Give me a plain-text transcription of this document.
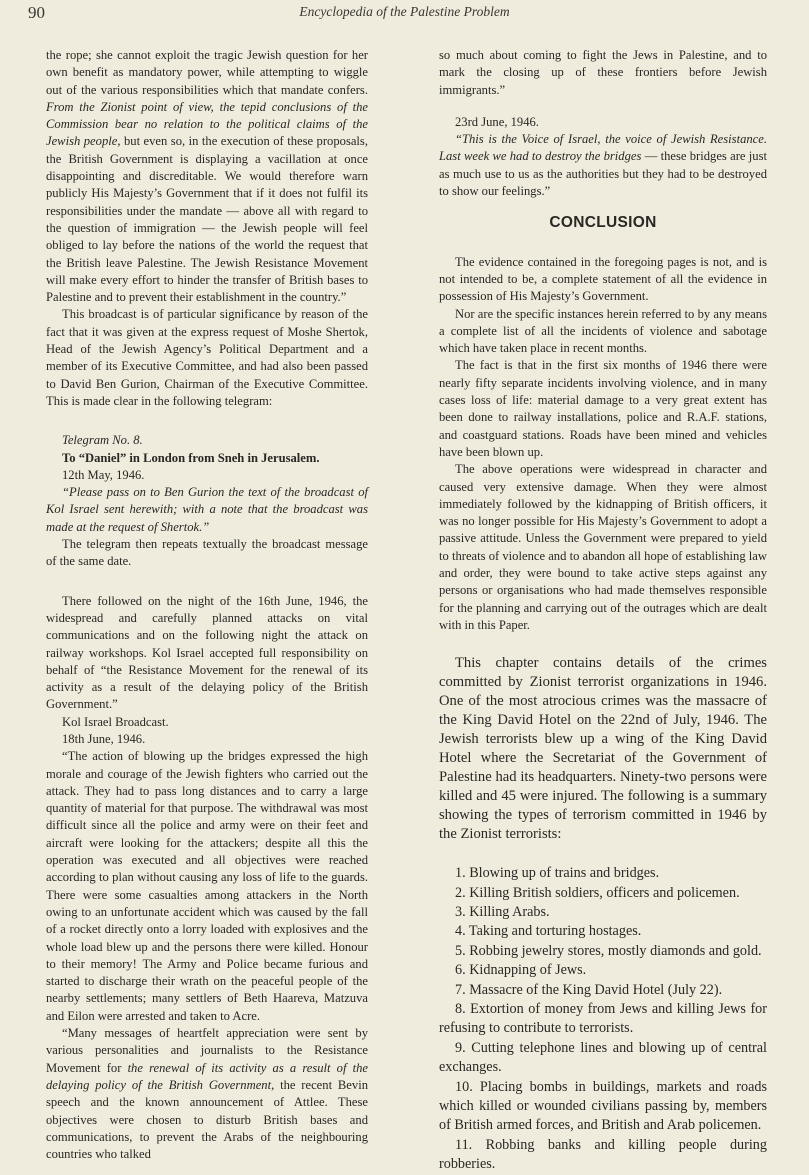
90	Encyclopedia of the Palestine Problem

the rope; she cannot exploit the tragic Jewish question for her own benefit as mandatory power, while attempting to wiggle out of the various responsibilities which that mandate confers. From the Zionist point of view, the tepid conclusions of the Commission bear no relation to the political claims of the Jewish people, but even so, in the execution of these proposals, the British Government is displaying a vacillation at once disappointing and discreditable. We would therefore warn publicly His Majesty’s Government that if it does not fulfil its responsibilities under the mandate — above all with regard to the question of immigration — the Jewish people will feel obliged to lay before the nations of the world the request that the British leave Palestine. The Jewish Resistance Movement will make every effort to hinder the transfer of British bases to Palestine and to prevent their establishment in the country.”

This broadcast is of particular significance by reason of the fact that it was given at the express request of Moshe Shertok, Head of the Jewish Agency’s Political Department and a member of its Executive Committee, and had also been passed to David Ben Gurion, Chairman of the Executive Committee. This is made clear in the following telegram:

Telegram No. 8.

To “Daniel” in London from Sneh in Jerusalem.

12th May, 1946.

“Please pass on to Ben Gurion the text of the broadcast of Kol Israel sent herewith; with a note that the broadcast was made at the request of Shertok.”

The telegram then repeats textually the broadcast message of the same date.

There followed on the night of the 16th June, 1946, the widespread and carefully planned attacks on vital communications and on the following night the attack on railway workshops. Kol Israel accepted full responsibility on behalf of “the Resistance Movement for the renewal of its activity as a result of the delaying policy of the British Government.”

Kol Israel Broadcast.

18th June, 1946.

“The action of blowing up the bridges expressed the high morale and courage of the Jewish fighters who carried out the attack. They had to pass long distances and to carry a large quantity of material for that purpose. The withdrawal was most difficult since all the police and army were on their feet and aircraft were looking for the attackers; despite all this the operation was executed and all objectives were reached according to plan without causing any loss of life to the guards. There were some casualties among attackers in the North owing to an unfortunate accident which was caused by the fall of a rocket directly onto a lorry loaded with explosives and the whole load blew up and the persons there were killed. Honour to their memory! The Army and Police became furious and started to discharge their wrath on the peaceful people of the nearby settlements; many settlers of Beth Haareva, Matzuva and Eilon were arrested and taken to Acre.

“Many messages of heartfelt appreciation were sent by various personalities and journalists to the Resistance Movement for the renewal of its activity as a result of the delaying policy of the British Government, the recent Bevin speech and the known announcement of Attlee. These objectives were chosen to disturb British bases and communications, to prevent the Arabs of the neighbouring countries who talked

so much about coming to fight the Jews in Palestine, and to mark the closing up of these frontiers before Jewish immigrants.”

23rd June, 1946.

“This is the Voice of Israel, the voice of Jewish Resistance. Last week we had to destroy the bridges — these bridges are just as much use to us as the authorities but they had to be destroyed to show our feelings.”

CONCLUSION

The evidence contained in the foregoing pages is not, and is not intended to be, a complete statement of all the evidence in possession of His Majesty’s Government.

Nor are the specific instances herein referred to by any means a complete list of all the incidents of violence and sabotage which have taken place in recent months.

The fact is that in the first six months of 1946 there were nearly fifty separate incidents involving violence, and in many cases loss of life: material damage to a very great extent has been done to railway installations, police and R.A.F. stations, and coastguard stations. Roads have been mined and vehicles have been blown up.

The above operations were widespread in character and caused very extensive damage. When they were almost immediately followed by the kidnapping of British officers, it was no longer possible for His Majesty’s Government to adopt a passive attitude. Unless the Government were prepared to yield to threats of violence and to abandon all hope of establishing law and order, they were bound to take active steps against any persons or organisations who had made themselves responsible for the planning and carrying out of the outrages which are dealt with in this Paper.

This chapter contains details of the crimes committed by Zionist terrorist organizations in 1946. One of the most atrocious crimes was the massacre of the King David Hotel on the 22nd of July, 1946. The Jewish terrorists blew up a wing of the King David Hotel where the Secretariat of the Government of Palestine had its headquarters. Ninety-two persons were killed and 45 were injured. The following is a summary showing the types of terrorism committed in 1946 by the Zionist terrorists:

1. Blowing up of trains and bridges.
2. Killing British soldiers, officers and policemen.
3. Killing Arabs.
4. Taking and torturing hostages.
5. Robbing jewelry stores, mostly diamonds and gold.
6. Kidnapping of Jews.
7. Massacre of the King David Hotel (July 22).
8. Extortion of money from Jews and killing Jews for refusing to contribute to terrorists.
9. Cutting telephone lines and blowing up of central exchanges.
10. Placing bombs in buildings, markets and roads which killed or wounded civilians passing by, members of British armed forces, and British and Arab policemen.
11. Robbing banks and killing people during robberies.
